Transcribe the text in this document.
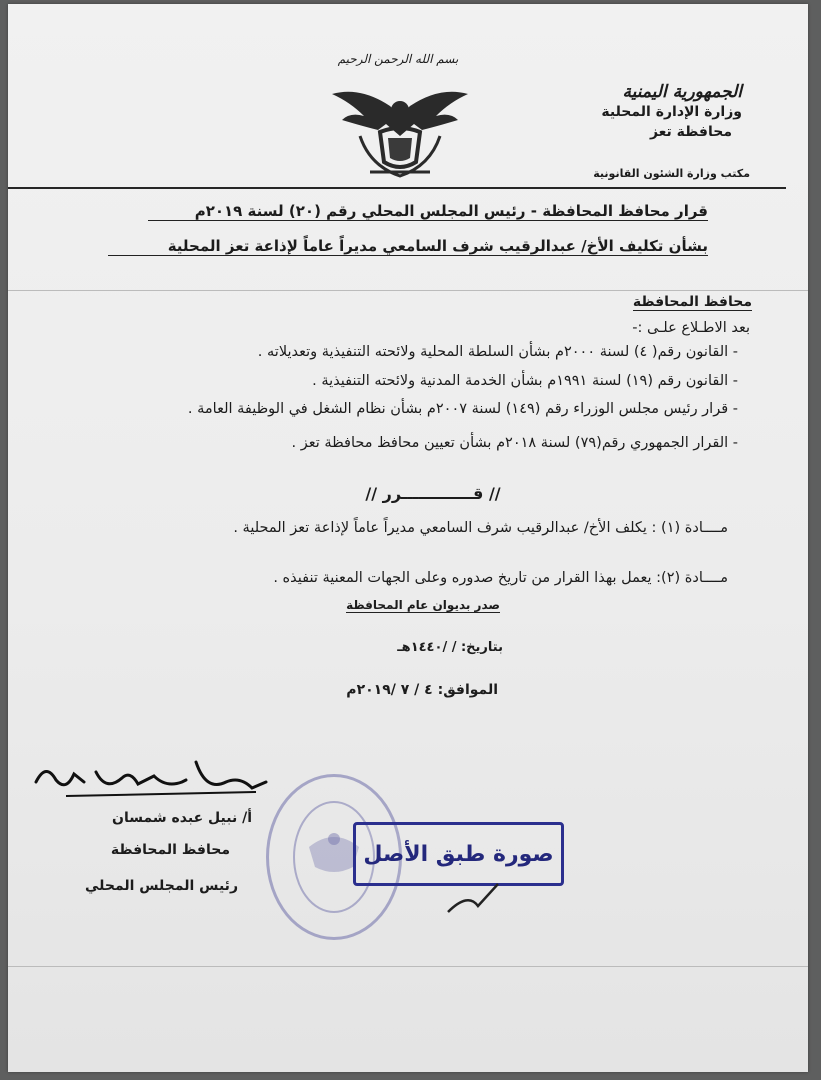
الجمهورية اليمنية
وزارة الإدارة المحلية
محافظة تعز
مكتب وزارة الشئون القانونية
بسم الله الرحمن الرحيم
قرار محافظ المحافظة - رئيس المجلس المحلي رقم (٢٠) لسنة ٢٠١٩م
بشأن تكليف الأخ/ عبدالرقيب شرف السامعي مديراً عاماً لإذاعة تعز المحلية
محافظ المحافظة
بعد الاطـلاع علـى :-
- القانون رقم( ٤) لسنة ٢٠٠٠م بشأن السلطة المحلية ولائحته التنفيذية وتعديلاته .
- القانون رقم (١٩) لسنة ١٩٩١م بشأن الخدمة المدنية ولائحته التنفيذية .
- قرار رئيس مجلس الوزراء رقم (١٤٩) لسنة ٢٠٠٧م بشأن نظام الشغل في الوظيفة العامة .
- القرار الجمهوري رقم(٧٩) لسنة ٢٠١٨م بشأن تعيين محافظ محافظة تعز .
// قـــــــــــــرر //
مــــادة (١) : يكلف الأخ/ عبدالرقيب شرف السامعي مديراً عاماً لإذاعة تعز المحلية .
مــــادة (٢): يعمل بهذا القرار من تاريخ صدوره وعلى الجهات المعنية تنفيذه .
صدر بديوان عام المحافظة
بتاريخ: / /١٤٤٠هـ
الموافق: ٤ / ٧ /٢٠١٩م
أ/ نبيل عبده شمسان
محافظ المحافظة
رئيس المجلس المحلي
صورة طبق الأصل
